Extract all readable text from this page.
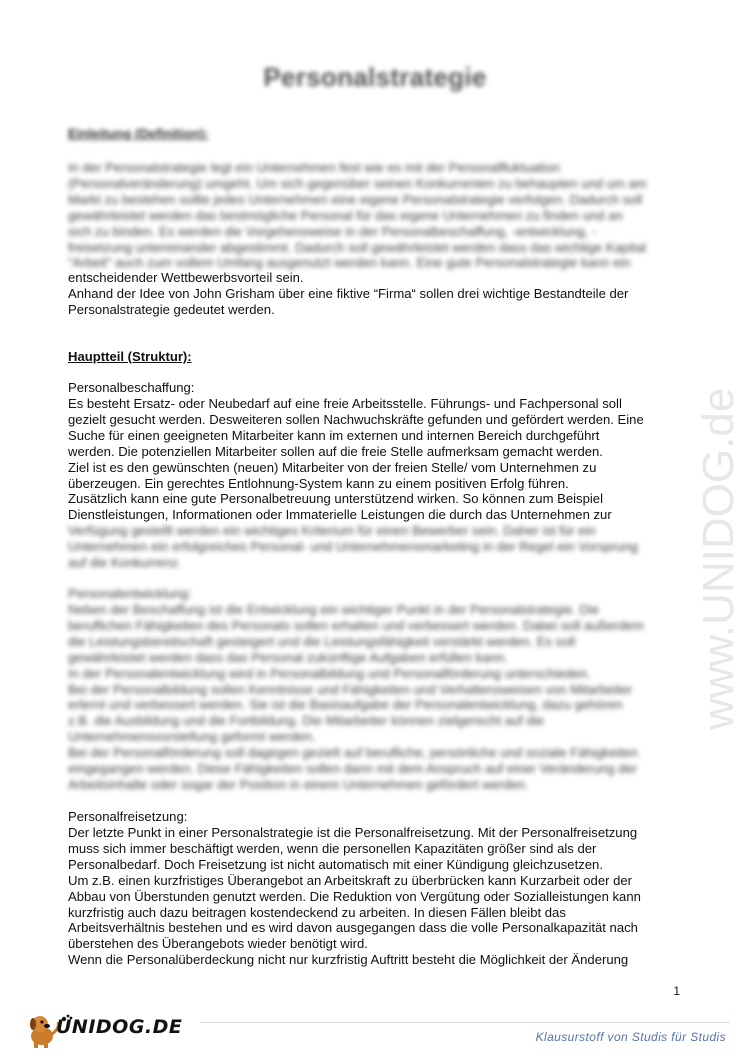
Personalstrategie
Einleitung (Definition):
In der Personalstrategie legt ein Unternehmen fest wie es mit der Personalfluktuation
(Personalveränderung) umgeht. Um sich gegenüber seinen Konkurrenten zu behaupten und um am
Markt zu bestehen sollte jedes Unternehmen eine eigene Personalstrategie verfolgen. Dadurch soll
gewährleistet werden das bestmögliche Personal für das eigene Unternehmen zu finden und an
sich zu binden. Es werden die Vorgehensweise in der Personalbeschaffung, -entwicklung, -
freisetzung untereinander abgestimmt. Dadurch soll gewährleistet werden dass das wichtige Kapital
"Arbeit" auch zum vollem Umfang ausgenutzt werden kann. Eine gute Personalstrategie kann ein
entscheidender Wettbewerbsvorteil sein.
Anhand der Idee von John Grisham über eine fiktive “Firma“ sollen drei wichtige Bestandteile der
Personalstrategie gedeutet werden.
Hauptteil (Struktur):
Personalbeschaffung:
Es besteht Ersatz- oder Neubedarf auf eine freie Arbeitsstelle. Führungs- und Fachpersonal soll
gezielt gesucht werden. Desweiteren sollen Nachwuchskräfte gefunden und gefördert werden. Eine
Suche für einen geeigneten Mitarbeiter kann im externen und internen Bereich durchgeführt
werden. Die potenziellen Mitarbeiter sollen auf die freie Stelle aufmerksam gemacht werden.
Ziel ist es den gewünschten (neuen) Mitarbeiter von der freien Stelle/ vom Unternehmen zu
überzeugen. Ein gerechtes Entlohnung-System kann zu einem positiven Erfolg führen.
Zusätzlich kann eine gute Personalbetreuung unterstützend wirken. So können zum Beispiel
Dienstleistungen, Informationen oder Immaterielle Leistungen die durch das Unternehmen zur
Verfügung gestellt werden ein wichtiges Kriterium für einen Bewerber sein. Daher ist für ein
Unternehmen ein erfolgreiches Personal- und Unternehmensmarketing in der Regel ein Vorsprung
auf die Konkurrenz.
Personalentwicklung:
Neben der Beschaffung ist die Entwicklung ein wichtiger Punkt in der Personalstrategie. Die
beruflichen Fähigkeiten des Personals sollen erhalten und verbessert werden. Dabei soll außerdem
die Leistungsbereitschaft gesteigert und die Leistungsfähigkeit verstärkt werden. Es soll
gewährleistet werden dass das Personal zukünftige Aufgaben erfüllen kann.
In der Personalentwicklung wird in Personalbildung und Personalförderung unterschieden.
Bei der Personalbildung sollen Kenntnisse und Fähigkeiten und Verhaltensweisen von Mitarbeiter
erlernt und verbessert werden. Sie ist die Basisaufgabe der Personalentwicklung, dazu gehören
z.B. die Ausbildung und die Fortbildung. Die Mitarbeiter können zielgerecht auf die
Unternehmensvorstellung geformt werden.
Bei der Personalförderung soll dagegen gezielt auf berufliche, persönliche und soziale Fähigkeiten
eingegangen werden. Diese Fähigkeiten sollen dann mit dem Anspruch auf einer Veränderung der
Arbeitsinhalte oder sogar der Position in einem Unternehmen gefördert werden.
Personalfreisetzung:
Der letzte Punkt in einer Personalstrategie ist die Personalfreisetzung. Mit der Personalfreisetzung
muss sich immer beschäftigt werden, wenn die personellen Kapazitäten größer sind als der
Personalbedarf. Doch Freisetzung ist nicht automatisch mit einer Kündigung gleichzusetzen.
Um z.B. einen kurzfristiges Überangebot an Arbeitskraft zu überbrücken kann Kurzarbeit oder der
Abbau von Überstunden genutzt werden. Die Reduktion von Vergütung oder Sozialleistungen kann
kurzfristig auch dazu beitragen kostendeckend zu arbeiten. In diesen Fällen bleibt das
Arbeitsverhältnis bestehen und es wird davon ausgegangen dass die volle Personalkapazität nach
überstehen des Überangebots wieder benötigt wird.
Wenn die Personalüberdeckung nicht nur kurzfristig Auftritt besteht die Möglichkeit der Änderung
www.UNIDOG.de
1
UNIDOG.DE	Klausurstoff von Studis für Studis
